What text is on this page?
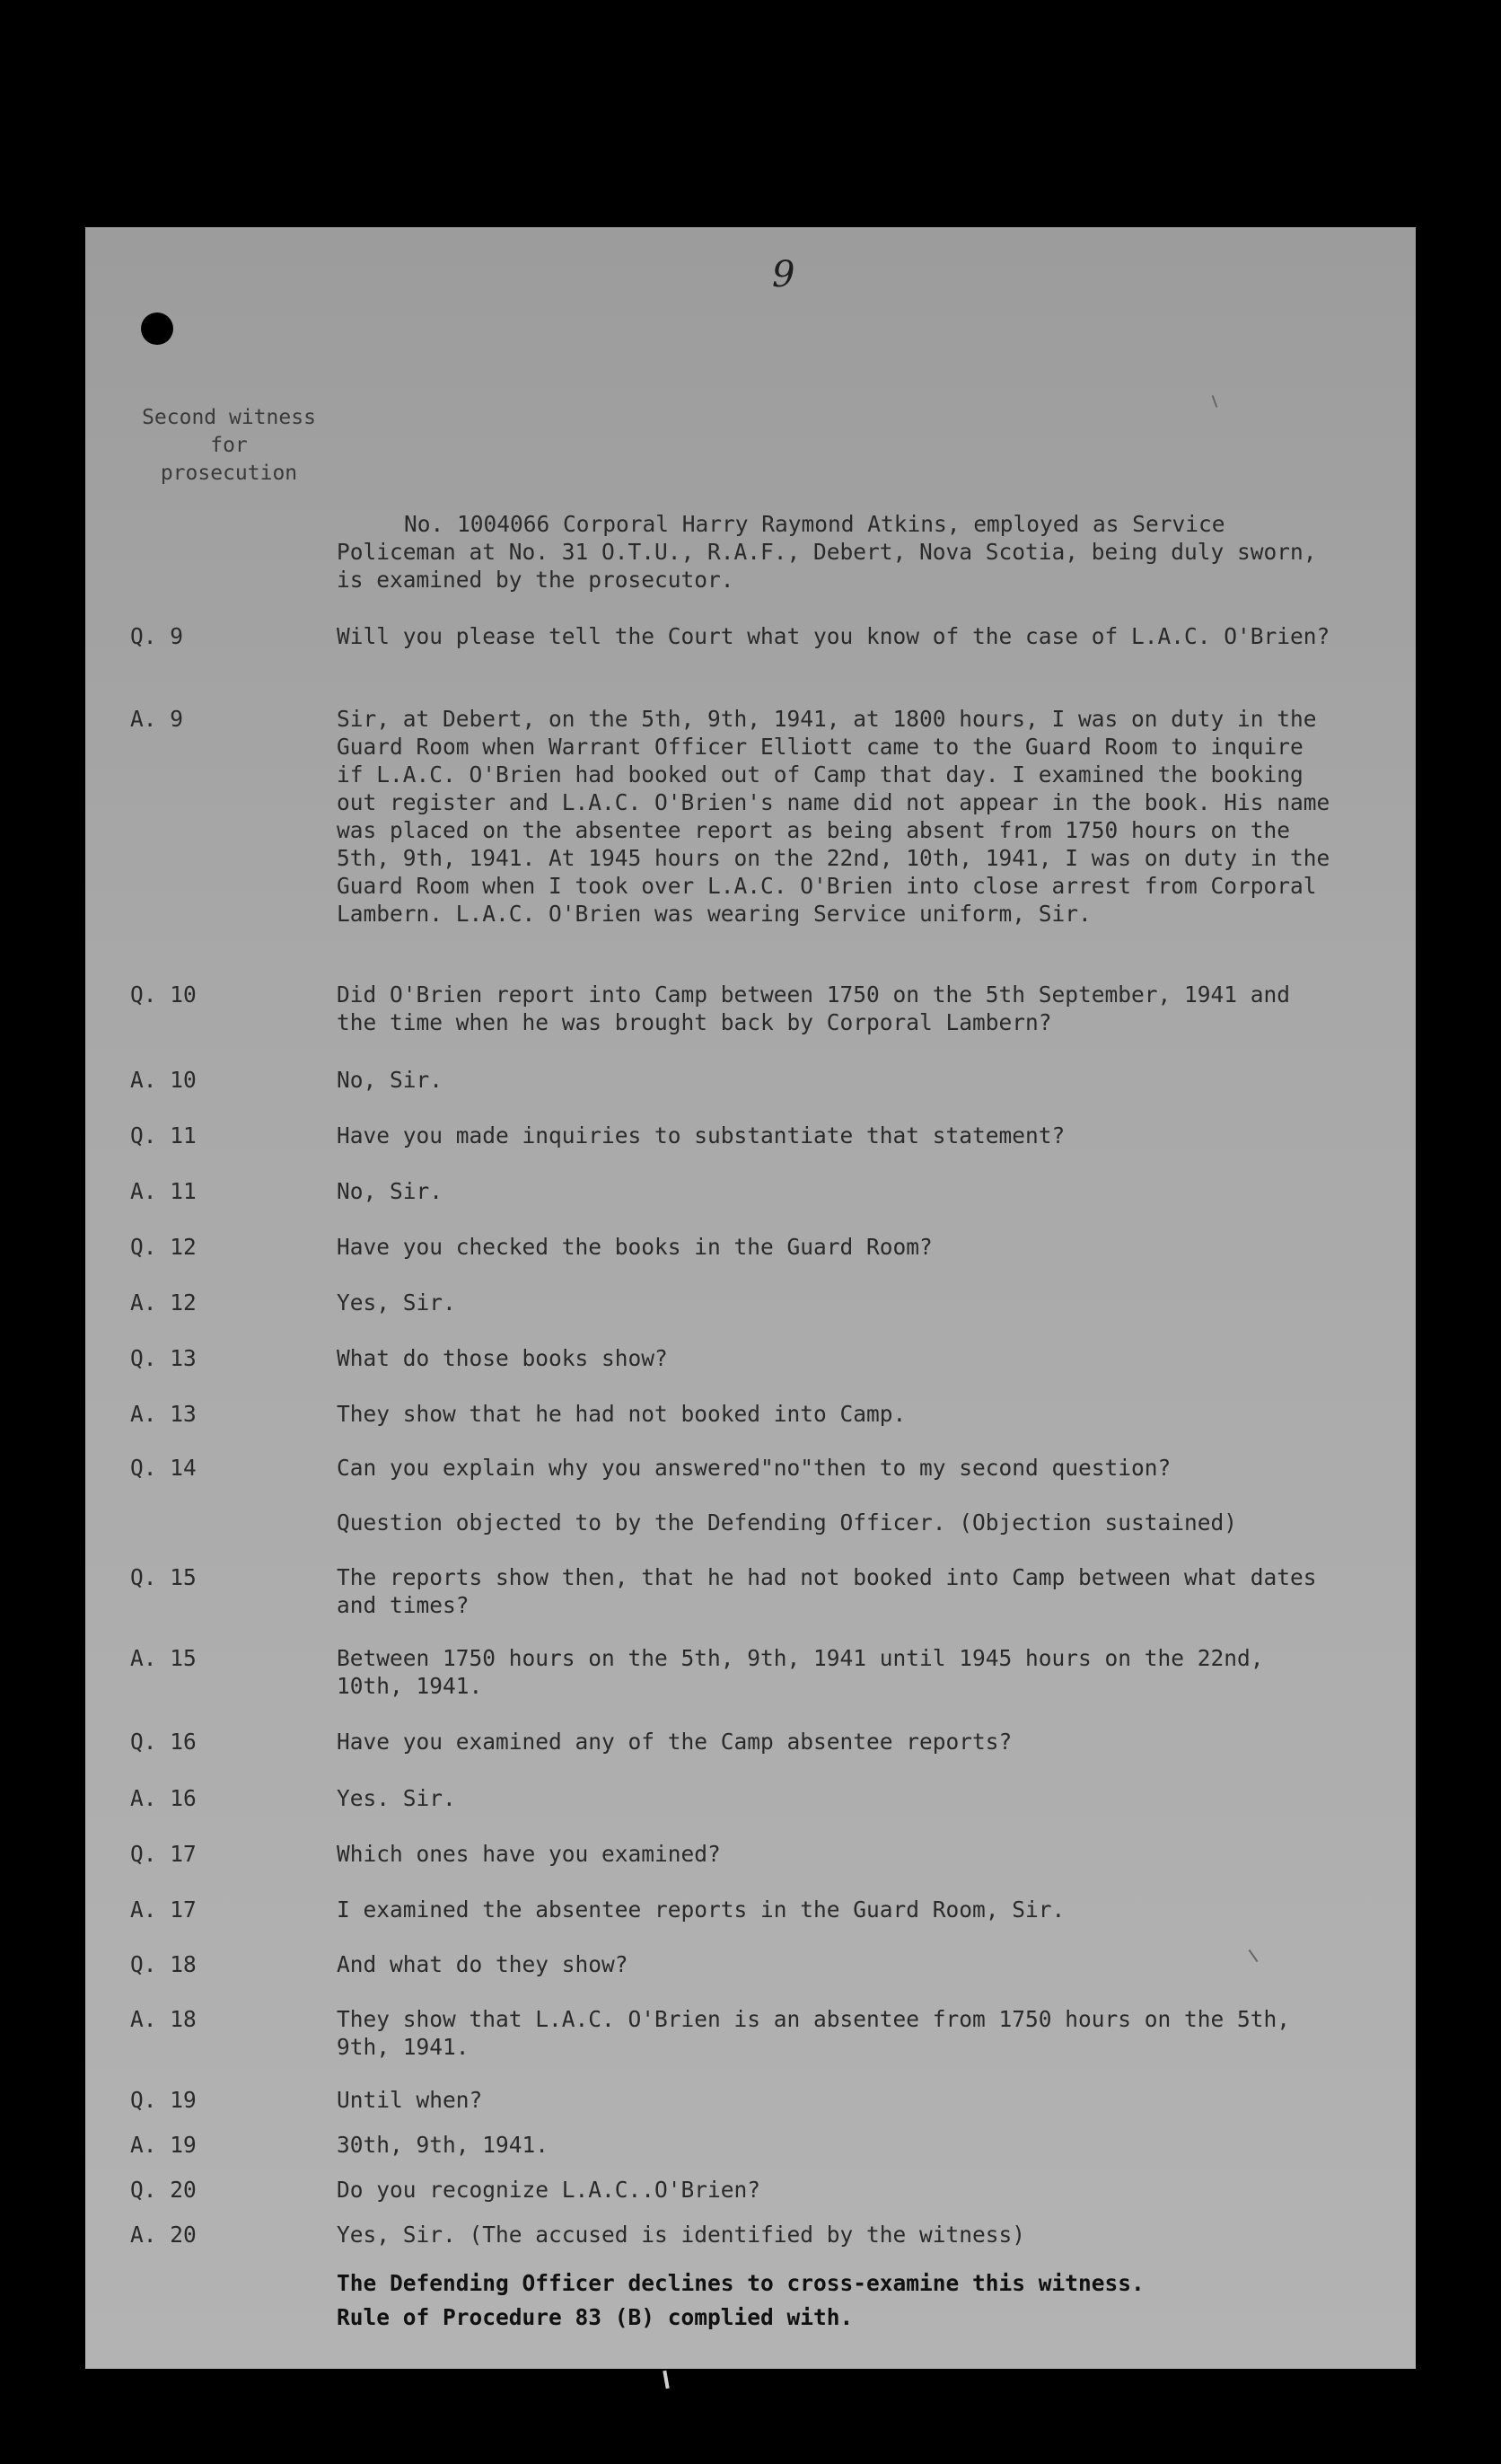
9
Second witness
for
prosecution
No. 1004066 Corporal Harry Raymond Atkins, employed as Service Policeman at No. 31 O.T.U., R.A.F., Debert, Nova Scotia, being duly sworn, is examined by the prosecutor.
Q. 9	Will you please tell the Court what you know of the case of L.A.C. O'Brien?
A. 9	Sir, at Debert, on the 5th, 9th, 1941, at 1800 hours, I was on duty in the Guard Room when Warrant Officer Elliott came to the Guard Room to inquire if L.A.C. O'Brien had booked out of Camp that day. I examined the booking out register and L.A.C. O'Brien's name did not appear in the book. His name was placed on the absentee report as being absent from 1750 hours on the 5th, 9th, 1941. At 1945 hours on the 22nd, 10th, 1941, I was on duty in the Guard Room when I took over L.A.C. O'Brien into close arrest from Corporal Lambern. L.A.C. O'Brien was wearing Service uniform, Sir.
Q. 10	Did O'Brien report into Camp between 1750 on the 5th September, 1941 and the time when he was brought back by Corporal Lambern?
A. 10	No, Sir.
Q. 11	Have you made inquiries to substantiate that statement?
A. 11	No, Sir.
Q. 12	Have you checked the books in the Guard Room?
A. 12	Yes, Sir.
Q. 13	What do those books show?
A. 13	They show that he had not booked into Camp.
Q. 14	Can you explain why you answered"no"then to my second question?
Question objected to by the Defending Officer. (Objection sustained)
Q. 15	The reports show then, that he had not booked into Camp between what dates and times?
A. 15	Between 1750 hours on the 5th, 9th, 1941 until 1945 hours on the 22nd, 10th, 1941.
Q. 16	Have you examined any of the Camp absentee reports?
A. 16	Yes. Sir.
Q. 17	Which ones have you examined?
A. 17	I examined the absentee reports in the Guard Room, Sir.
Q. 18	And what do they show?
A. 18	They show that L.A.C. O'Brien is an absentee from 1750 hours on the 5th, 9th, 1941.
Q. 19	Until when?
A. 19	30th, 9th, 1941.
Q. 20	Do you recognize L.A.C..O'Brien?
A. 20	Yes, Sir. (The accused is identified by the witness)
The Defending Officer declines to cross-examine this witness.
Rule of Procedure 83 (B) complied with.
